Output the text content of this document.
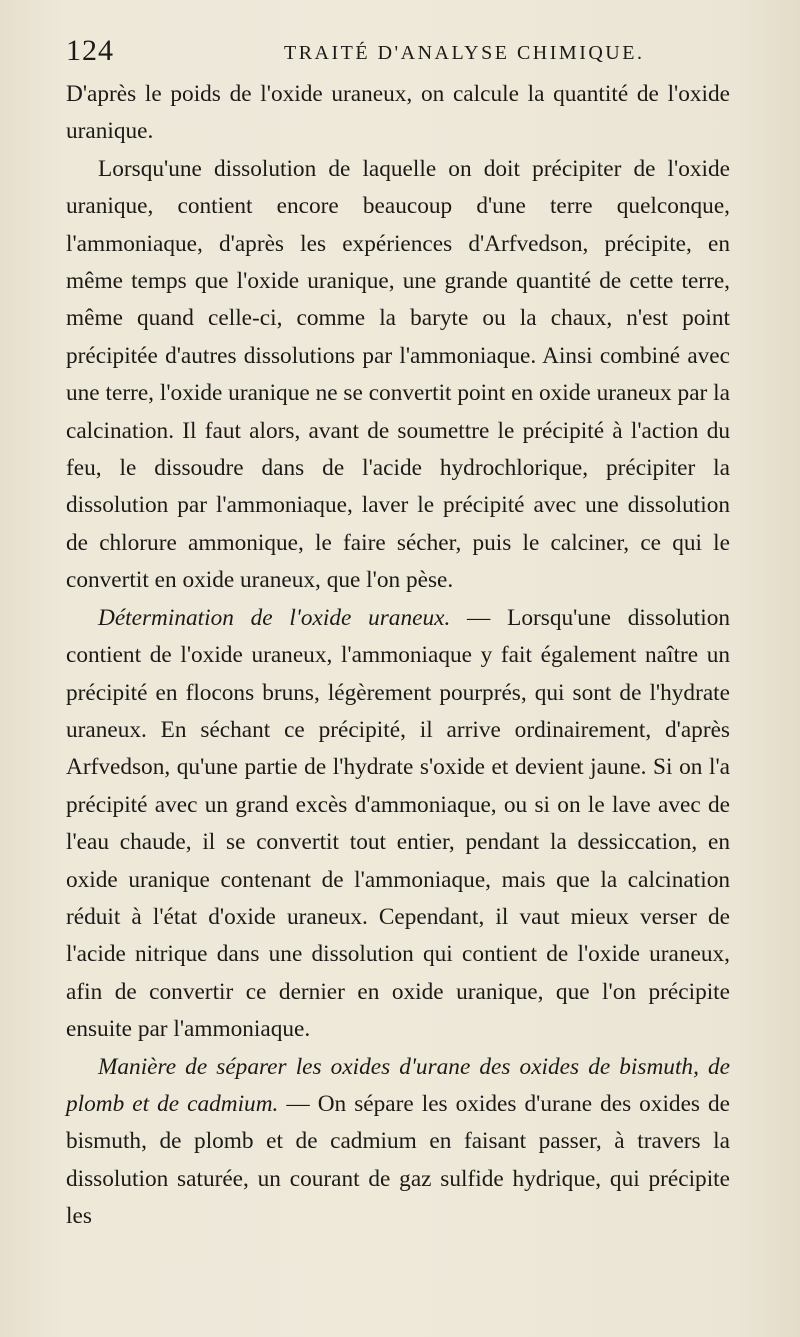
124	TRAITÉ D'ANALYSE CHIMIQUE.

D'après le poids de l'oxide uraneux, on calcule la quantité de l'oxide uranique.

Lorsqu'une dissolution de laquelle on doit précipiter de l'oxide uranique, contient encore beaucoup d'une terre quelconque, l'ammoniaque, d'après les expériences d'Arfvedson, précipite, en même temps que l'oxide uranique, une grande quantité de cette terre, même quand celle-ci, comme la baryte ou la chaux, n'est point précipitée d'autres dissolutions par l'ammoniaque. Ainsi combiné avec une terre, l'oxide uranique ne se convertit point en oxide uraneux par la calcination. Il faut alors, avant de soumettre le précipité à l'action du feu, le dissoudre dans de l'acide hydrochlorique, précipiter la dissolution par l'ammoniaque, laver le précipité avec une dissolution de chlorure ammonique, le faire sécher, puis le calciner, ce qui le convertit en oxide uraneux, que l'on pèse.

Détermination de l'oxide uraneux. — Lorsqu'une dissolution contient de l'oxide uraneux, l'ammoniaque y fait également naître un précipité en flocons bruns, légèrement pourprés, qui sont de l'hydrate uraneux. En séchant ce précipité, il arrive ordinairement, d'après Arfvedson, qu'une partie de l'hydrate s'oxide et devient jaune. Si on l'a précipité avec un grand excès d'ammoniaque, ou si on le lave avec de l'eau chaude, il se convertit tout entier, pendant la dessiccation, en oxide uranique contenant de l'ammoniaque, mais que la calcination réduit à l'état d'oxide uraneux. Cependant, il vaut mieux verser de l'acide nitrique dans une dissolution qui contient de l'oxide uraneux, afin de convertir ce dernier en oxide uranique, que l'on précipite ensuite par l'ammoniaque.

Manière de séparer les oxides d'urane des oxides de bismuth, de plomb et de cadmium. — On sépare les oxides d'urane des oxides de bismuth, de plomb et de cadmium en faisant passer, à travers la dissolution saturée, un courant de gaz sulfide hydrique, qui précipite les
